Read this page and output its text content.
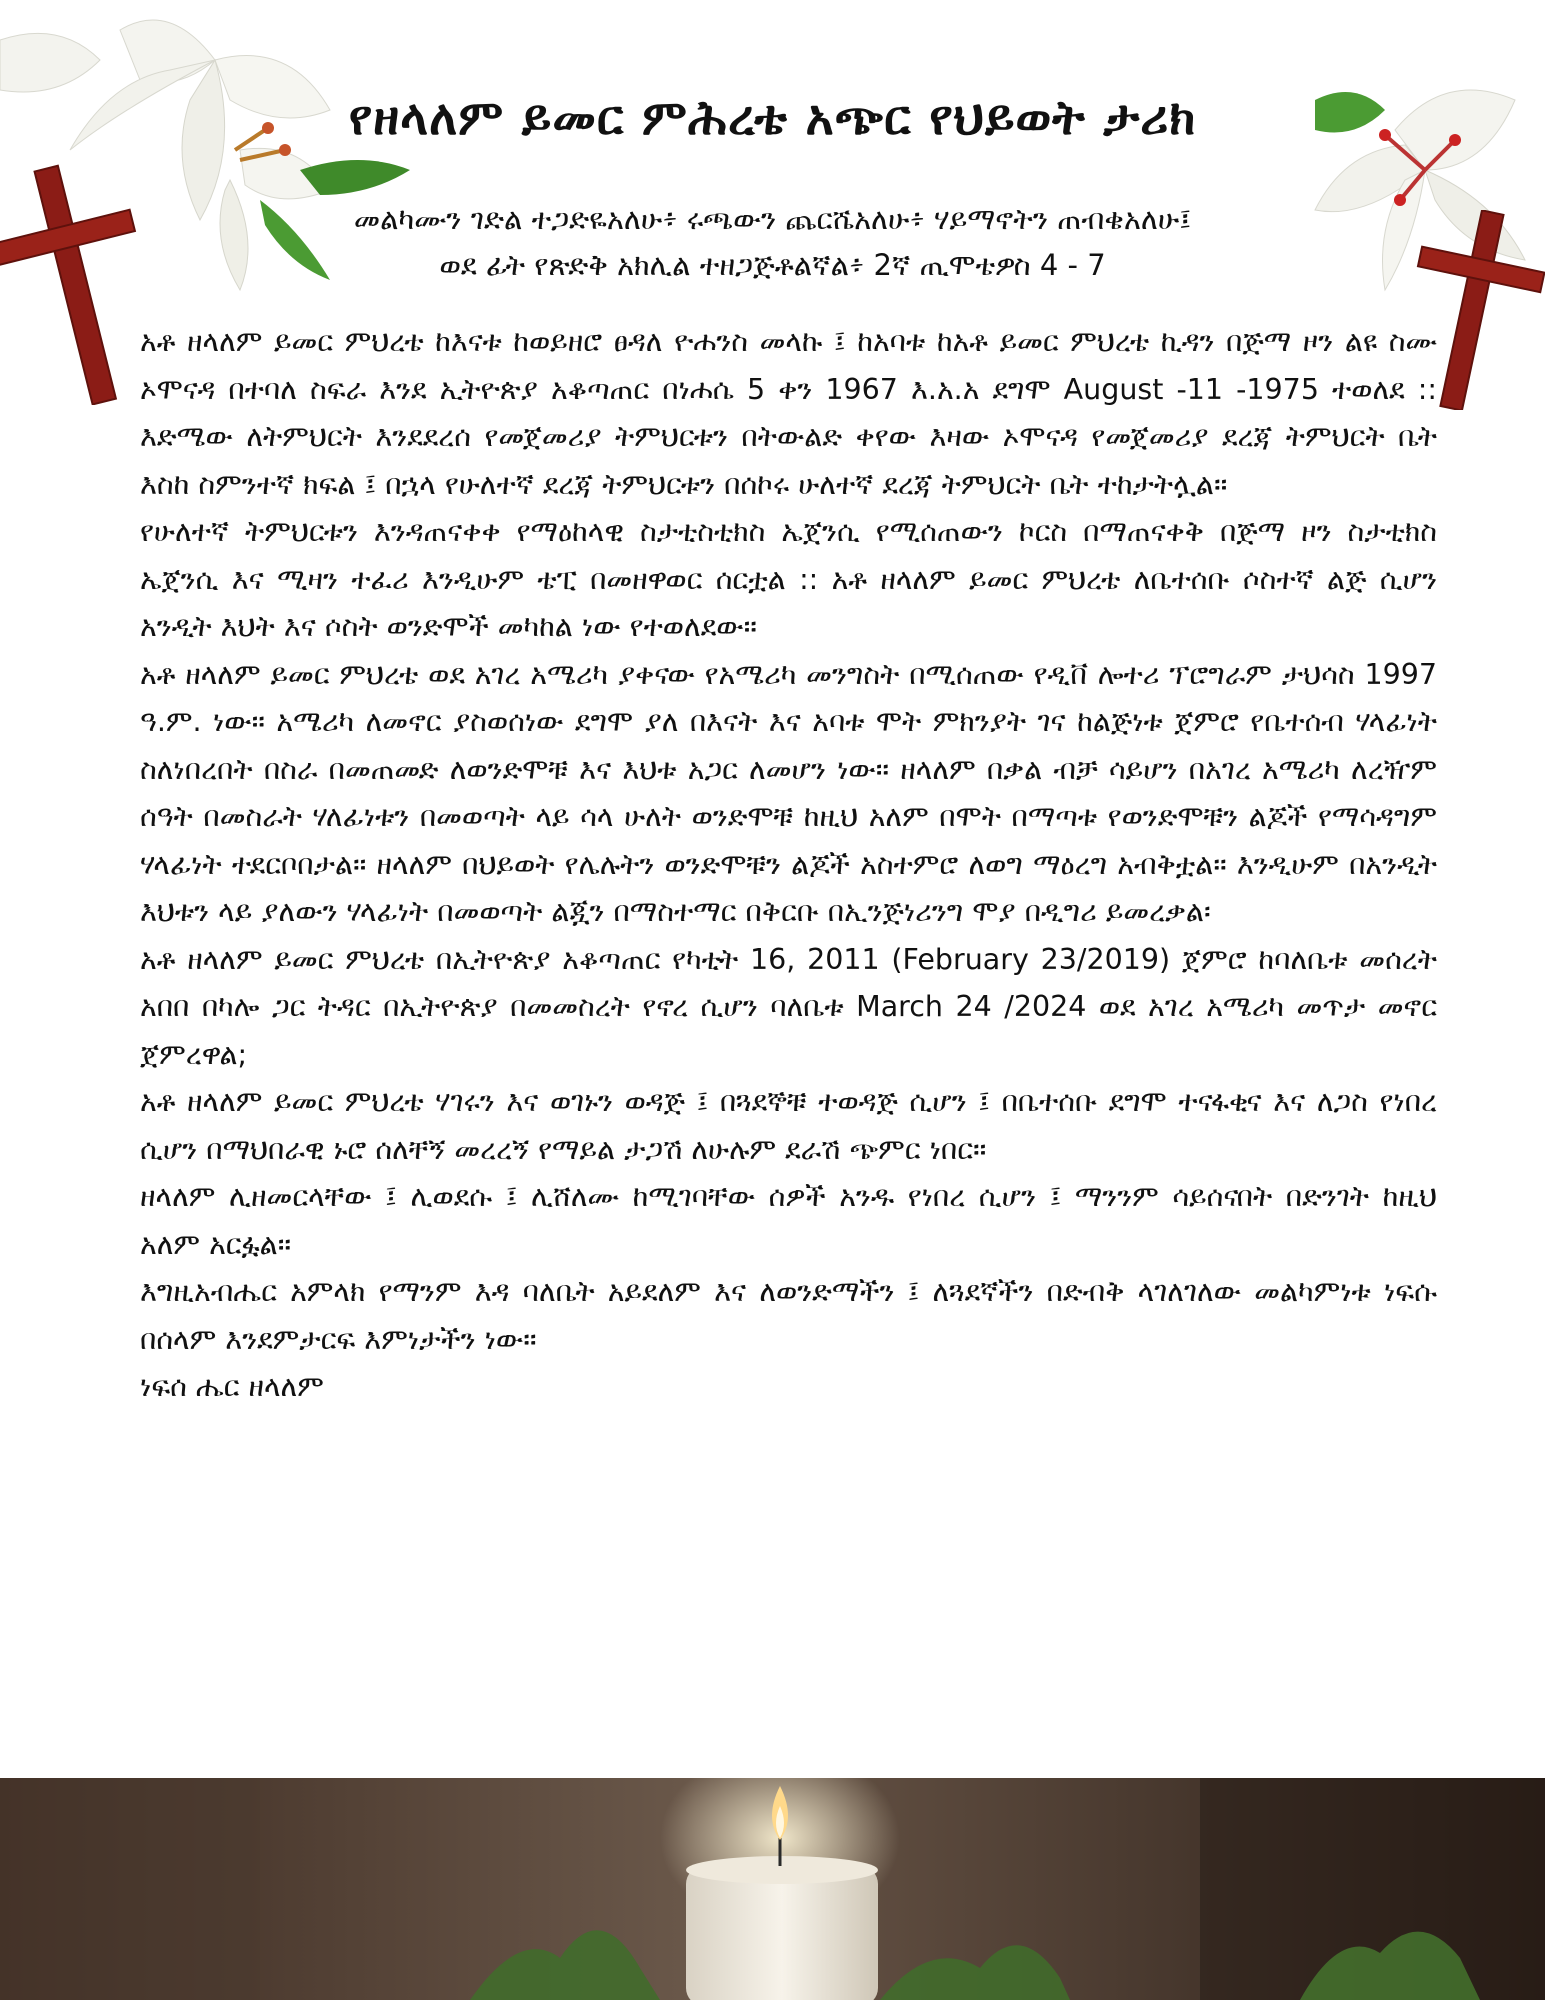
የዘላለም ይመር ምሕረቴ አጭር የህይወት ታሪክ
መልካሙን ገድል ተጋድዬአለሁ፥ ሩጫውን ጨርሼአለሁ፥ ሃይማኖትን ጠብቄአለሁ፤
ወደ ፊት የጽድቅ አክሊል ተዘጋጅቶልኛል፥ 2ኛ ጢሞቴዎስ 4 - 7

አቶ ዘላለም ይመር ምህረቴ ከእናቱ ከወይዘሮ ፀዳለ ዮሐንስ መላኩ ፤ ከአባቱ ከአቶ ይመር ምህረቴ ኪዳን በጅማ ዞን ልዩ ስሙ ኦሞናዳ በተባለ ስፍራ እንደ ኢትዮጵያ አቆጣጠር በነሐሴ 5 ቀን 1967 እ.አ.አ ደግሞ August -11 -1975 ተወለደ :: እድሜው ለትምህርት እንደደረሰ የመጀመሪያ ትምህርቱን በትውልድ ቀየው እዛው ኦሞናዳ የመጀመሪያ ደረጃ ትምህርት ቤት እስከ ስምንተኛ ክፍል ፤ በኋላ የሁለተኛ ደረጃ ትምህርቱን በሰኮሩ ሁለተኛ ደረጃ ትምህርት ቤት ተከታትሏል።

የሁለተኛ ትምህርቱን እንዳጠናቀቀ የማዕከላዊ ስታቲስቲክስ ኤጀንሲ የሚሰጠውን ኮርስ በማጠናቀቅ በጅማ ዞን ስታቲክስ ኤጀንሲ እና ሚዛን ተፈሪ እንዲሁም ቴፒ በመዘዋወር ሰርቷል :: አቶ ዘላለም ይመር ምህረቴ ለቤተሰቡ ሶስተኛ ልጅ ሲሆን አንዲት እህት እና ሶስት ወንድሞች መካከል ነው የተወለደው።

አቶ ዘላለም ይመር ምህረቴ ወደ አገረ አሜሪካ ያቀናው የአሜሪካ መንግስት በሚሰጠው የዲቨ ሎተሪ ፕሮግራም ታህሳስ 1997 ዓ.ም. ነው። አሜሪካ ለመኖር ያስወሰነው ደግሞ ያለ በእናት እና አባቱ ሞት ምክንያት ገና ከልጅነቱ ጀምሮ የቤተሰብ ሃላፊነት ስለነበረበት በስራ በመጠመድ ለወንድሞቹ እና እህቱ አጋር ለመሆን ነው። ዘላለም በቃል ብቻ ሳይሆን በአገረ አሜሪካ ለረዥም ሰዓት በመስራት ሃለፊነቱን በመወጣት ላይ ሳላ ሁለት ወንድሞቹ ከዚህ አለም በሞት በማጣቱ የወንድሞቹን ልጆች የማሳዳግም ሃላፊነት ተደርቦበታል። ዘላለም በህይወት የሌሉትን ወንድሞቹን ልጆች አስተምሮ ለወግ ማዕረግ አብቅቷል። እንዲሁም በአንዲት እህቱን ላይ ያለውን ሃላፊነት በመወጣት ልጇን በማስተማር በቅርቡ በኢንጅነሪንግ ሞያ በዲግሪ ይመረቃል፡

አቶ ዘላለም ይመር ምህረቴ በኢትዮጵያ አቆጣጠር የካቲት 16, 2011 (February 23/2019) ጀምሮ ከባለቤቱ መሰረት አበበ በካሎ ጋር ትዳር በኢትዮጵያ በመመስረት የኖረ ሲሆን ባለቤቱ March 24 /2024 ወደ አገረ አሜሪካ መጥታ መኖር ጀምረዋል;

አቶ ዘላለም ይመር ምህረቴ ሃገሩን እና ወገኑን ወዳጅ ፤ በጓደኞቹ ተወዳጅ ሲሆን ፤ በቤተሰቡ ደግሞ ተናፋቂና እና ለጋስ የነበረ ሲሆን በማህበራዊ ኑሮ ሰለቸኝ መረረኝ የማይል ታጋሽ ለሁሉም ደራሽ ጭምር ነበር።

ዘላለም ሊዘመርላቸው ፤ ሊወደሱ ፤ ሊሸለሙ ከሚገባቸው ሰዎች አንዱ የነበረ ሲሆን ፤ ማንንም ሳይሰናበት በድንገት ከዚህ አለም አርፏል።

እግዚአብሔር አምላክ የማንም እዳ ባለቤት አይደለም እና ለወንድማችን ፤ ለጓደኛችን በድብቅ ላገለገለው መልካምነቱ ነፍሱ በሰላም እንደምታርፍ እምነታችን ነው።

ነፍሰ ሔር ዘላለም
